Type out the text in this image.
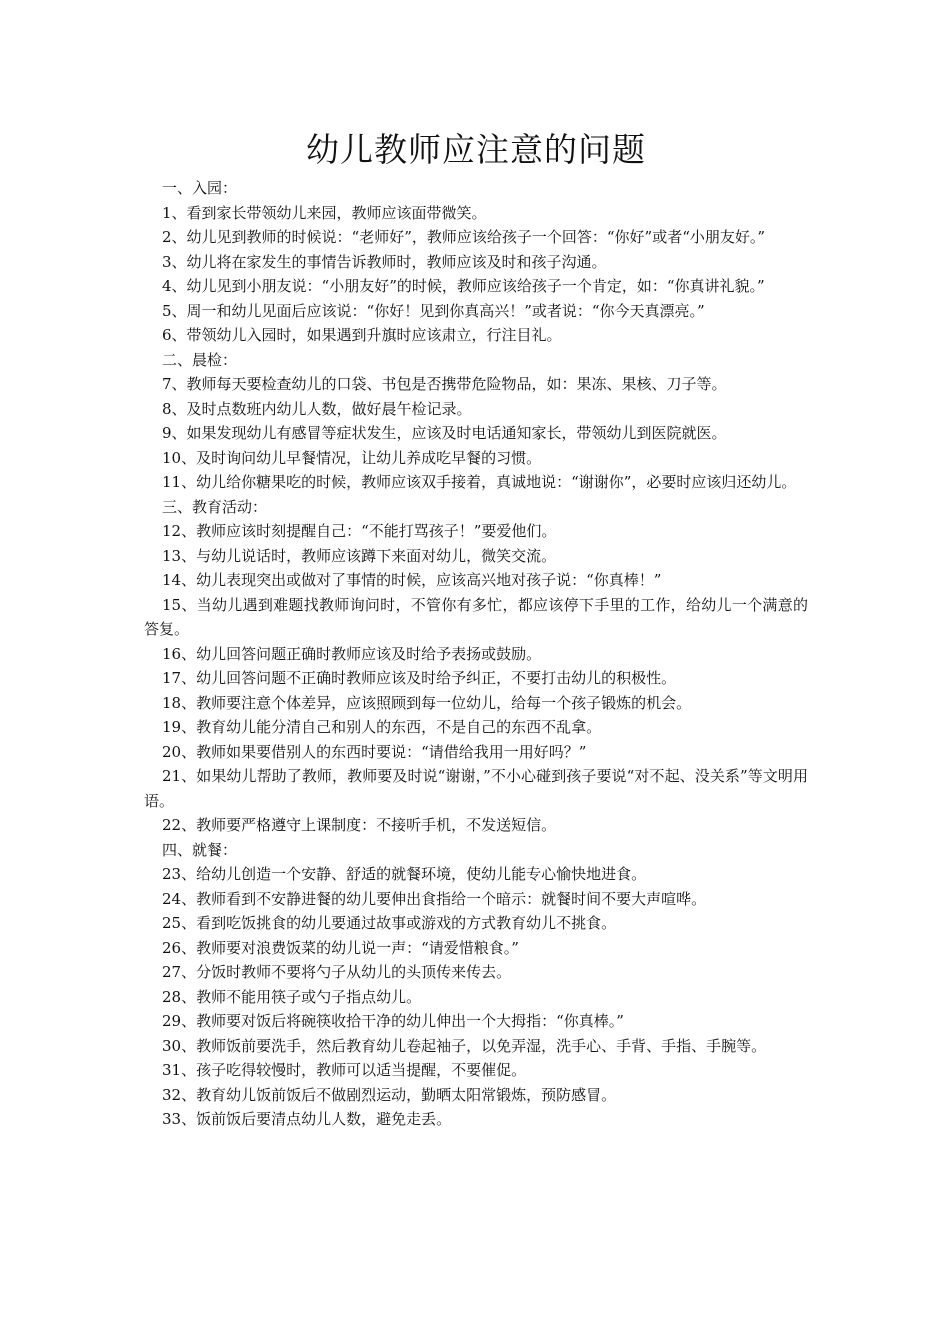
幼儿教师应注意的问题

一、入园：

1、看到家长带领幼儿来园，教师应该面带微笑。

2、幼儿见到教师的时候说：“老师好”，教师应该给孩子一个回答：“你好”或者“小朋友好。”

3、幼儿将在家发生的事情告诉教师时，教师应该及时和孩子沟通。

4、幼儿见到小朋友说：“小朋友好”的时候，教师应该给孩子一个肯定，如：“你真讲礼貌。”

5、周一和幼儿见面后应该说：“你好！见到你真高兴！”或者说：“你今天真漂亮。”

6、带领幼儿入园时，如果遇到升旗时应该肃立，行注目礼。

二、晨检：

7、教师每天要检查幼儿的口袋、书包是否携带危险物品，如：果冻、果核、刀子等。

8、及时点数班内幼儿人数，做好晨午检记录。

9、如果发现幼儿有感冒等症状发生，应该及时电话通知家长，带领幼儿到医院就医。

10、及时询问幼儿早餐情况，让幼儿养成吃早餐的习惯。

11、幼儿给你糖果吃的时候，教师应该双手接着，真诚地说：“谢谢你”，必要时应该归还幼儿。

三、教育活动：

12、教师应该时刻提醒自己：“不能打骂孩子！”要爱他们。

13、与幼儿说话时，教师应该蹲下来面对幼儿，微笑交流。

14、幼儿表现突出或做对了事情的时候，应该高兴地对孩子说：“你真棒！”

15、当幼儿遇到难题找教师询问时，不管你有多忙，都应该停下手里的工作，给幼儿一个满意的答复。

16、幼儿回答问题正确时教师应该及时给予表扬或鼓励。

17、幼儿回答问题不正确时教师应该及时给予纠正，不要打击幼儿的积极性。

18、教师要注意个体差异，应该照顾到每一位幼儿，给每一个孩子锻炼的机会。

19、教育幼儿能分清自己和别人的东西，不是自己的东西不乱拿。

20、教师如果要借别人的东西时要说：“请借给我用一用好吗？”

21、如果幼儿帮助了教师，教师要及时说“谢谢，”不小心碰到孩子要说“对不起、没关系”等文明用语。

22、教师要严格遵守上课制度：不接听手机，不发送短信。

四、就餐：

23、给幼儿创造一个安静、舒适的就餐环境，使幼儿能专心愉快地进食。

24、教师看到不安静进餐的幼儿要伸出食指给一个暗示：就餐时间不要大声喧哗。

25、看到吃饭挑食的幼儿要通过故事或游戏的方式教育幼儿不挑食。

26、教师要对浪费饭菜的幼儿说一声：“请爱惜粮食。”

27、分饭时教师不要将勺子从幼儿的头顶传来传去。

28、教师不能用筷子或勺子指点幼儿。

29、教师要对饭后将碗筷收拾干净的幼儿伸出一个大拇指：“你真棒。”

30、教师饭前要洗手，然后教育幼儿卷起袖子，以免弄湿，洗手心、手背、手指、手腕等。

31、孩子吃得较慢时，教师可以适当提醒，不要催促。

32、教育幼儿饭前饭后不做剧烈运动，勤晒太阳常锻炼，预防感冒。

33、饭前饭后要清点幼儿人数，避免走丢。
